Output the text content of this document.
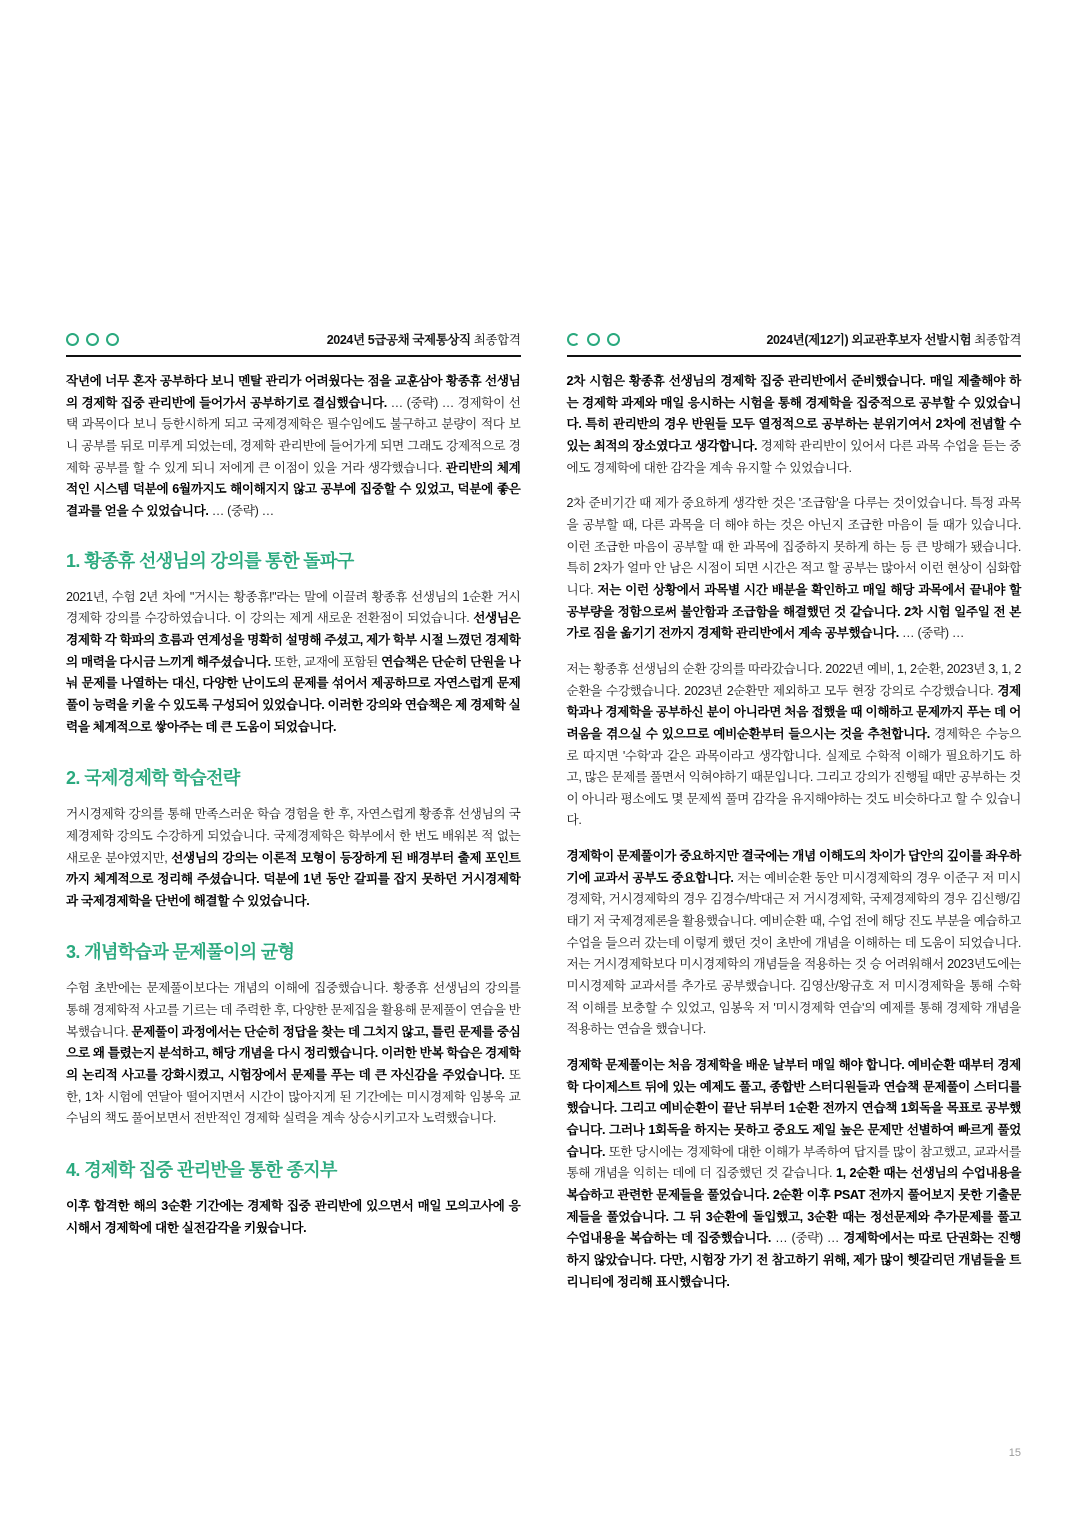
2024년 5급공채 국제통상직 최종합격

작년에 너무 혼자 공부하다 보니 멘탈 관리가 어려웠다는 점을 교훈삼아 황종휴 선생님의 경제학 집중 관리반에 들어가서 공부하기로 결심했습니다. … (중략) … 경제학이 선택 과목이다 보니 등한시하게 되고 국제경제학은 필수임에도 불구하고 분량이 적다 보니 공부를 뒤로 미루게 되었는데, 경제학 관리반에 들어가게 되면 그래도 강제적으로 경제학 공부를 할 수 있게 되니 저에게 큰 이점이 있을 거라 생각했습니다. 관리반의 체계적인 시스템 덕분에 6월까지도 해이해지지 않고 공부에 집중할 수 있었고, 덕분에 좋은 결과를 얻을 수 있었습니다. … (중략) …

1. 황종휴 선생님의 강의를 통한 돌파구

2021년, 수험 2년 차에 "거시는 황종휴!"라는 말에 이끌려 황종휴 선생님의 1순환 거시경제학 강의를 수강하였습니다. 이 강의는 제게 새로운 전환점이 되었습니다. 선생님은 경제학 각 학파의 흐름과 연계성을 명확히 설명해 주셨고, 제가 학부 시절 느꼈던 경제학의 매력을 다시금 느끼게 해주셨습니다. 또한, 교재에 포함된 연습책은 단순히 단원을 나눠 문제를 나열하는 대신, 다양한 난이도의 문제를 섞어서 제공하므로 자연스럽게 문제풀이 능력을 키울 수 있도록 구성되어 있었습니다. 이러한 강의와 연습책은 제 경제학 실력을 체계적으로 쌓아주는 데 큰 도움이 되었습니다.

2. 국제경제학 학습전략

거시경제학 강의를 통해 만족스러운 학습 경험을 한 후, 자연스럽게 황종휴 선생님의 국제경제학 강의도 수강하게 되었습니다. 국제경제학은 학부에서 한 번도 배워본 적 없는 새로운 분야였지만, 선생님의 강의는 이론적 모형이 등장하게 된 배경부터 출제 포인트까지 체계적으로 정리해 주셨습니다. 덕분에 1년 동안 갈피를 잡지 못하던 거시경제학과 국제경제학을 단번에 해결할 수 있었습니다.

3. 개념학습과 문제풀이의 균형

수험 초반에는 문제풀이보다는 개념의 이해에 집중했습니다. 황종휴 선생님의 강의를 통해 경제학적 사고를 기르는 데 주력한 후, 다양한 문제집을 활용해 문제풀이 연습을 반복했습니다. 문제풀이 과정에서는 단순히 정답을 찾는 데 그치지 않고, 틀린 문제를 중심으로 왜 틀렸는지 분석하고, 해당 개념을 다시 정리했습니다. 이러한 반복 학습은 경제학의 논리적 사고를 강화시켰고, 시험장에서 문제를 푸는 데 큰 자신감을 주었습니다. 또한, 1차 시험에 연달아 떨어지면서 시간이 많아지게 된 기간에는 미시경제학 임봉욱 교수님의 책도 풀어보면서 전반적인 경제학 실력을 계속 상승시키고자 노력했습니다.

4. 경제학 집중 관리반을 통한 종지부

이후 합격한 해의 3순환 기간에는 경제학 집중 관리반에 있으면서 매일 모의고사에 응시해서 경제학에 대한 실전감각을 키웠습니다.

2024년(제12기) 외교관후보자 선발시험 최종합격

2차 시험은 황종휴 선생님의 경제학 집중 관리반에서 준비했습니다. 매일 제출해야 하는 경제학 과제와 매일 응시하는 시험을 통해 경제학을 집중적으로 공부할 수 있었습니다. 특히 관리반의 경우 반원들 모두 열정적으로 공부하는 분위기여서 2차에 전념할 수 있는 최적의 장소였다고 생각합니다. 경제학 관리반이 있어서 다른 과목 수업을 듣는 중에도 경제학에 대한 감각을 계속 유지할 수 있었습니다.

2차 준비기간 때 제가 중요하게 생각한 것은 '조급함'을 다루는 것이었습니다. 특정 과목을 공부할 때, 다른 과목을 더 해야 하는 것은 아닌지 조급한 마음이 들 때가 있습니다. 이런 조급한 마음이 공부할 때 한 과목에 집중하지 못하게 하는 등 큰 방해가 됐습니다. 특히 2차가 얼마 안 남은 시점이 되면 시간은 적고 할 공부는 많아서 이런 현상이 심화합니다. 저는 이런 상황에서 과목별 시간 배분을 확인하고 매일 해당 과목에서 끝내야 할 공부량을 정함으로써 불안함과 조급함을 해결했던 것 같습니다. 2차 시험 일주일 전 본가로 짐을 옮기기 전까지 경제학 관리반에서 계속 공부했습니다. … (중략) …

저는 황종휴 선생님의 순환 강의를 따라갔습니다. 2022년 예비, 1, 2순환, 2023년 3, 1, 2순환을 수강했습니다. 2023년 2순환만 제외하고 모두 현장 강의로 수강했습니다. 경제학과나 경제학을 공부하신 분이 아니라면 처음 접했을 때 이해하고 문제까지 푸는 데 어려움을 겪으실 수 있으므로 예비순환부터 들으시는 것을 추천합니다. 경제학은 수능으로 따지면 '수학'과 같은 과목이라고 생각합니다. 실제로 수학적 이해가 필요하기도 하고, 많은 문제를 풀면서 익혀야하기 때문입니다. 그리고 강의가 진행될 때만 공부하는 것이 아니라 평소에도 몇 문제씩 풀며 감각을 유지해야하는 것도 비슷하다고 할 수 있습니다.

경제학이 문제풀이가 중요하지만 결국에는 개념 이해도의 차이가 답안의 깊이를 좌우하기에 교과서 공부도 중요합니다. 저는 예비순환 동안 미시경제학의 경우 이준구 저 미시경제학, 거시경제학의 경우 김경수/박대근 저 거시경제학, 국제경제학의 경우 김신행/김태기 저 국제경제론을 활용했습니다. 예비순환 때, 수업 전에 해당 진도 부분을 예습하고 수업을 들으러 갔는데 이렇게 했던 것이 초반에 개념을 이해하는 데 도움이 되었습니다. 저는 거시경제학보다 미시경제학의 개념들을 적용하는 것 승 어려워해서 2023년도에는 미시경제학 교과서를 추가로 공부했습니다. 김영산/왕규호 저 미시경제학을 통해 수학적 이해를 보충할 수 있었고, 임봉욱 저 '미시경제학 연습'의 예제를 통해 경제학 개념을 적용하는 연습을 했습니다.

경제학 문제풀이는 처음 경제학을 배운 날부터 매일 해야 합니다. 예비순환 때부터 경제학 다이제스트 뒤에 있는 예제도 풀고, 종합반 스터디원들과 연습책 문제풀이 스터디를 했습니다. 그리고 예비순환이 끝난 뒤부터 1순환 전까지 연습책 1회독을 목표로 공부했습니다. 그러나 1회독을 하지는 못하고 중요도 제일 높은 문제만 선별하여 빠르게 풀었습니다. 또한 당시에는 경제학에 대한 이해가 부족하여 답지를 많이 참고했고, 교과서를 통해 개념을 익히는 데에 더 집중했던 것 같습니다. 1, 2순환 때는 선생님의 수업내용을 복습하고 관련한 문제들을 풀었습니다. 2순환 이후 PSAT 전까지 풀어보지 못한 기출문제들을 풀었습니다. 그 뒤 3순환에 돌입했고, 3순환 때는 정선문제와 추가문제를 풀고 수업내용을 복습하는 데 집중했습니다. … (중략) … 경제학에서는 따로 단권화는 진행하지 않았습니다. 다만, 시험장 가기 전 참고하기 위해, 제가 많이 헷갈리던 개념들을 트리니티에 정리해 표시했습니다.

15
